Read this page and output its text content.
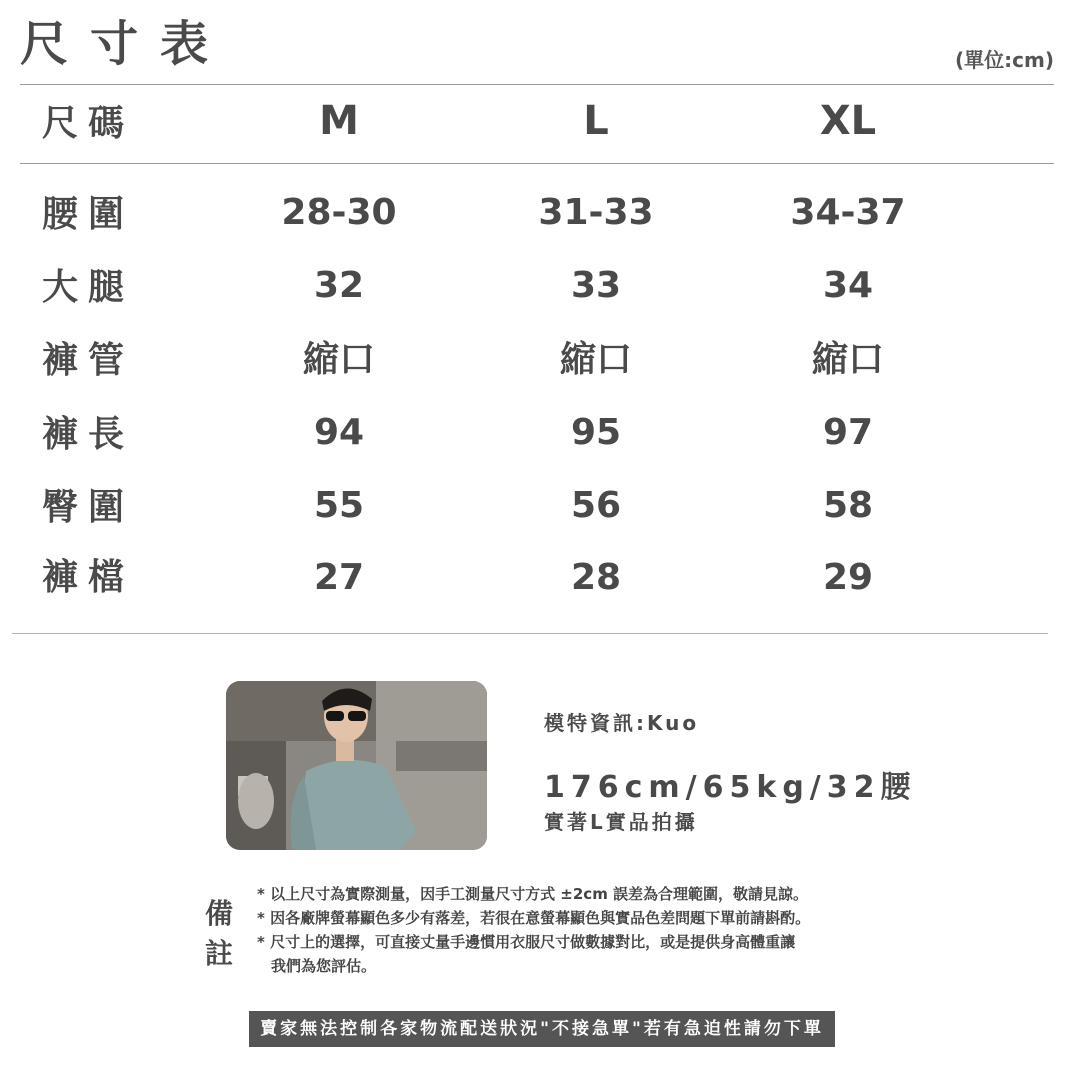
尺寸表	(單位:cm)
尺碼	M	L	XL
腰圍	28-30	31-33	34-37
大腿	32	33	34
褲管	縮口	縮口	縮口
褲長	94	95	97
臀圍	55	56	58
褲檔	27	28	29
模特資訊:Kuo
176cm/65kg/32腰
實著L實品拍攝
備
註
* 以上尺寸為實際測量，因手工測量尺寸方式 ±2cm 誤差為合理範圍，敬請見諒。
* 因各廠牌螢幕顯色多少有落差，若很在意螢幕顯色與實品色差問題下單前請斟酌。
* 尺寸上的選擇，可直接丈量手邊慣用衣服尺寸做數據對比，或是提供身高體重讓
我們為您評估。
賣家無法控制各家物流配送狀況"不接急單"若有急迫性請勿下單
